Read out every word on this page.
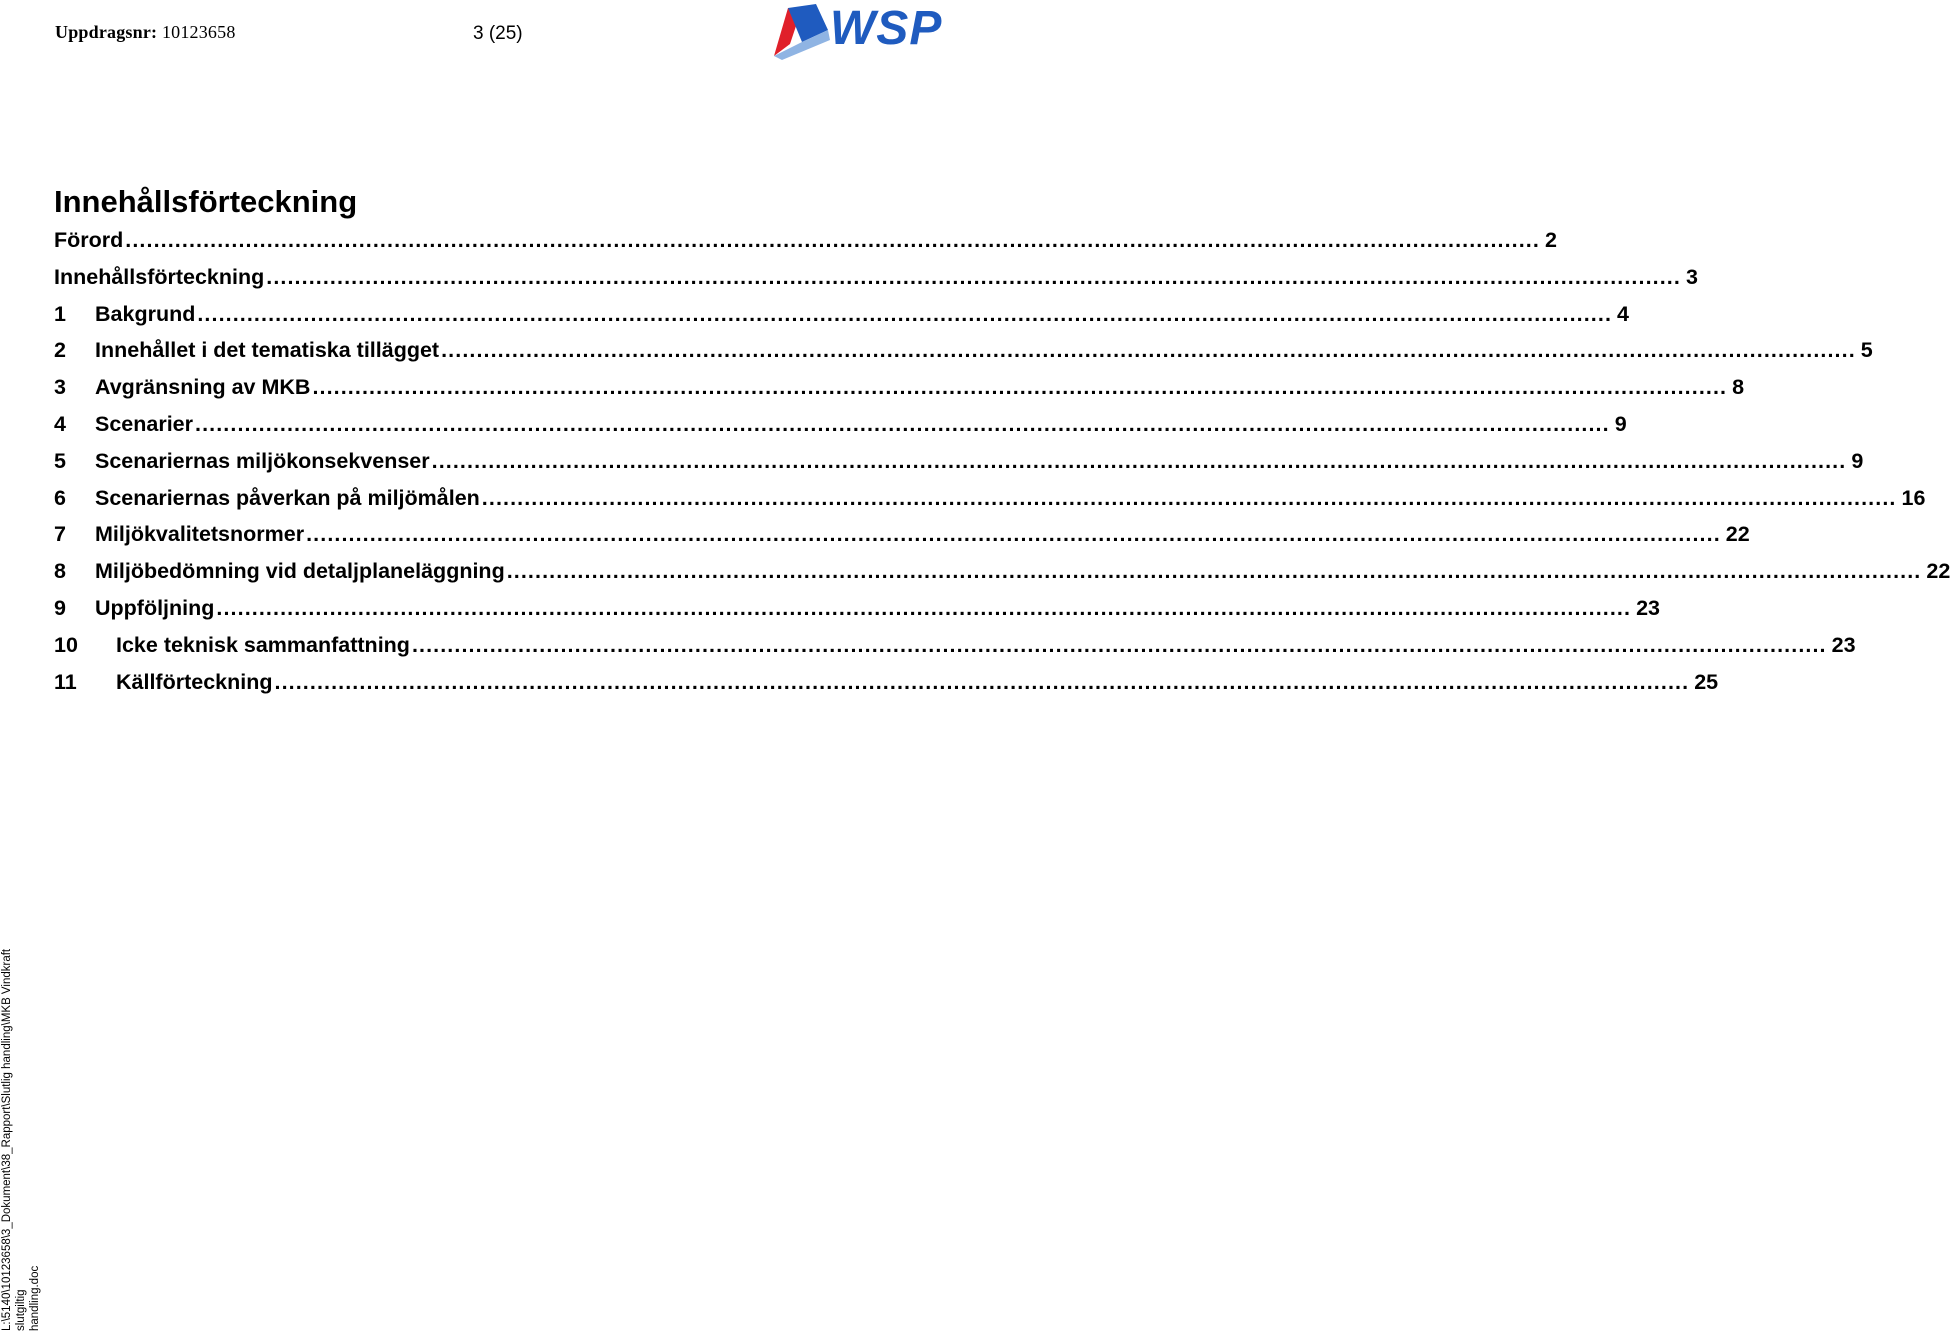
Uppdragsnr: 10123658	3 (25)	WSP
Innehållsförteckning
Förord ........................................................................................................................................................................................................ 2
Innehållsförteckning ........................................................................................................................................................................................................ 3
1	Bakgrund ........................................................................................................................................................................................................ 4
2	Innehållet i det tematiska tillägget ........................................................................................................................................................................................................ 5
3	Avgränsning av MKB ........................................................................................................................................................................................................ 8
4	Scenarier ........................................................................................................................................................................................................ 9
5	Scenariernas miljökonsekvenser ........................................................................................................................................................................................................ 9
6	Scenariernas påverkan på miljömålen ........................................................................................................................................................................................................ 16
7	Miljökvalitetsnormer ........................................................................................................................................................................................................ 22
8	Miljöbedömning vid detaljplaneläggning ........................................................................................................................................................................................................ 22
9	Uppföljning ........................................................................................................................................................................................................ 23
10	Icke teknisk sammanfattning ........................................................................................................................................................................................................ 23
11	Källförteckning ........................................................................................................................................................................................................ 25
L:\5140\10123658\3_Dokument\38_Rapport\Slutlig handling\MKB Vindkraft slutgiltig handling.doc
